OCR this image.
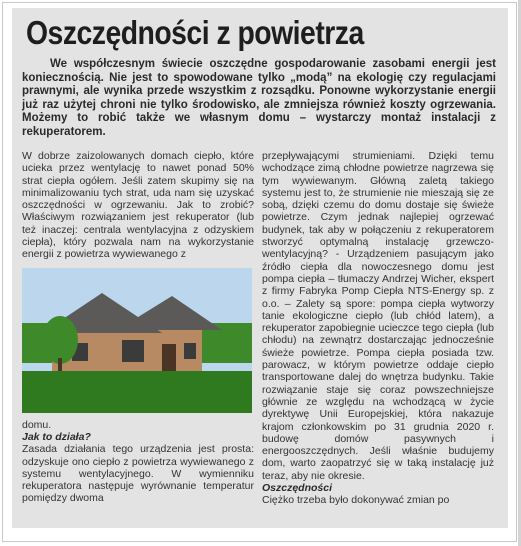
Oszczędności z powietrza

We współczesnym świecie oszczędne gospodarowanie zasobami energii jest koniecznością. Nie jest to spowodowane tylko „modą” na ekologię czy regulacjami prawnymi, ale wynika przede wszystkim z rozsądku. Ponowne wykorzystanie energii już raz użytej chroni nie tylko środowisko, ale zmniejsza również koszty ogrzewania. Możemy to robić także we własnym domu – wystarczy montaż instalacji z rekuperatorem.

W dobrze zaizolowanych domach ciepło, które ucieka przez wentylację to nawet ponad 50% strat ciepła ogółem. Jeśli zatem skupimy się na minimalizowaniu tych strat, uda nam się uzyskać oszczędności w ogrzewaniu. Jak to zrobić? Właściwym rozwiązaniem jest rekuperator (lub też inaczej: centrala wentylacyjna z odzyskiem ciepła), który pozwala nam na wykorzystanie energii z powietrza wywiewanego z

domu.

Jak to działa?

Zasada działania tego urządzenia jest prosta: odzyskuje ono ciepło z powietrza wywiewanego z systemu wentylacyjnego. W wymienniku rekuperatora następuje wyrównanie temperatur pomiędzy dwoma

przepływającymi strumieniami. Dzięki temu wchodzące zimą chłodne powietrze nagrzewa się tym wywiewanym. Główną zaletą takiego systemu jest to, że strumienie nie mieszają się ze sobą, dzięki czemu do domu dostaje się świeże powietrze. Czym jednak najlepiej ogrzewać budynek, tak aby w połączeniu z rekuperatorem stworzyć optymalną instalację grzewczo-wentylacyjną? - Urządzeniem pasującym jako źródło ciepła dla nowoczesnego domu jest pompa ciepła – tłumaczy Andrzej Wicher, ekspert z firmy Fabryka Pomp Ciepła NTS-Energy sp. z o.o. – Zalety są spore: pompa ciepła wytworzy tanie ekologiczne ciepło (lub chłód latem), a rekuperator zapobiegnie ucieczce tego ciepła (lub chłodu) na zewnątrz dostarczając jednocześnie świeże powietrze. Pompa ciepła posiada tzw. parowacz, w którym powietrze oddaje ciepło transportowane dalej do wnętrza budynku. Takie rozwiązanie staje się coraz powszechniejsze głównie ze względu na wchodzącą w życie dyrektywę Unii Europejskiej, która nakazuje krajom członkowskim po 31 grudnia 2020 r. budowę domów pasywnych i energooszczędnych. Jeśli właśnie budujemy dom, warto zaopatrzyć się w taką instalację już teraz, aby nie okresie.

Oszczędności

Ciężko trzeba było dokonywać zmian po
